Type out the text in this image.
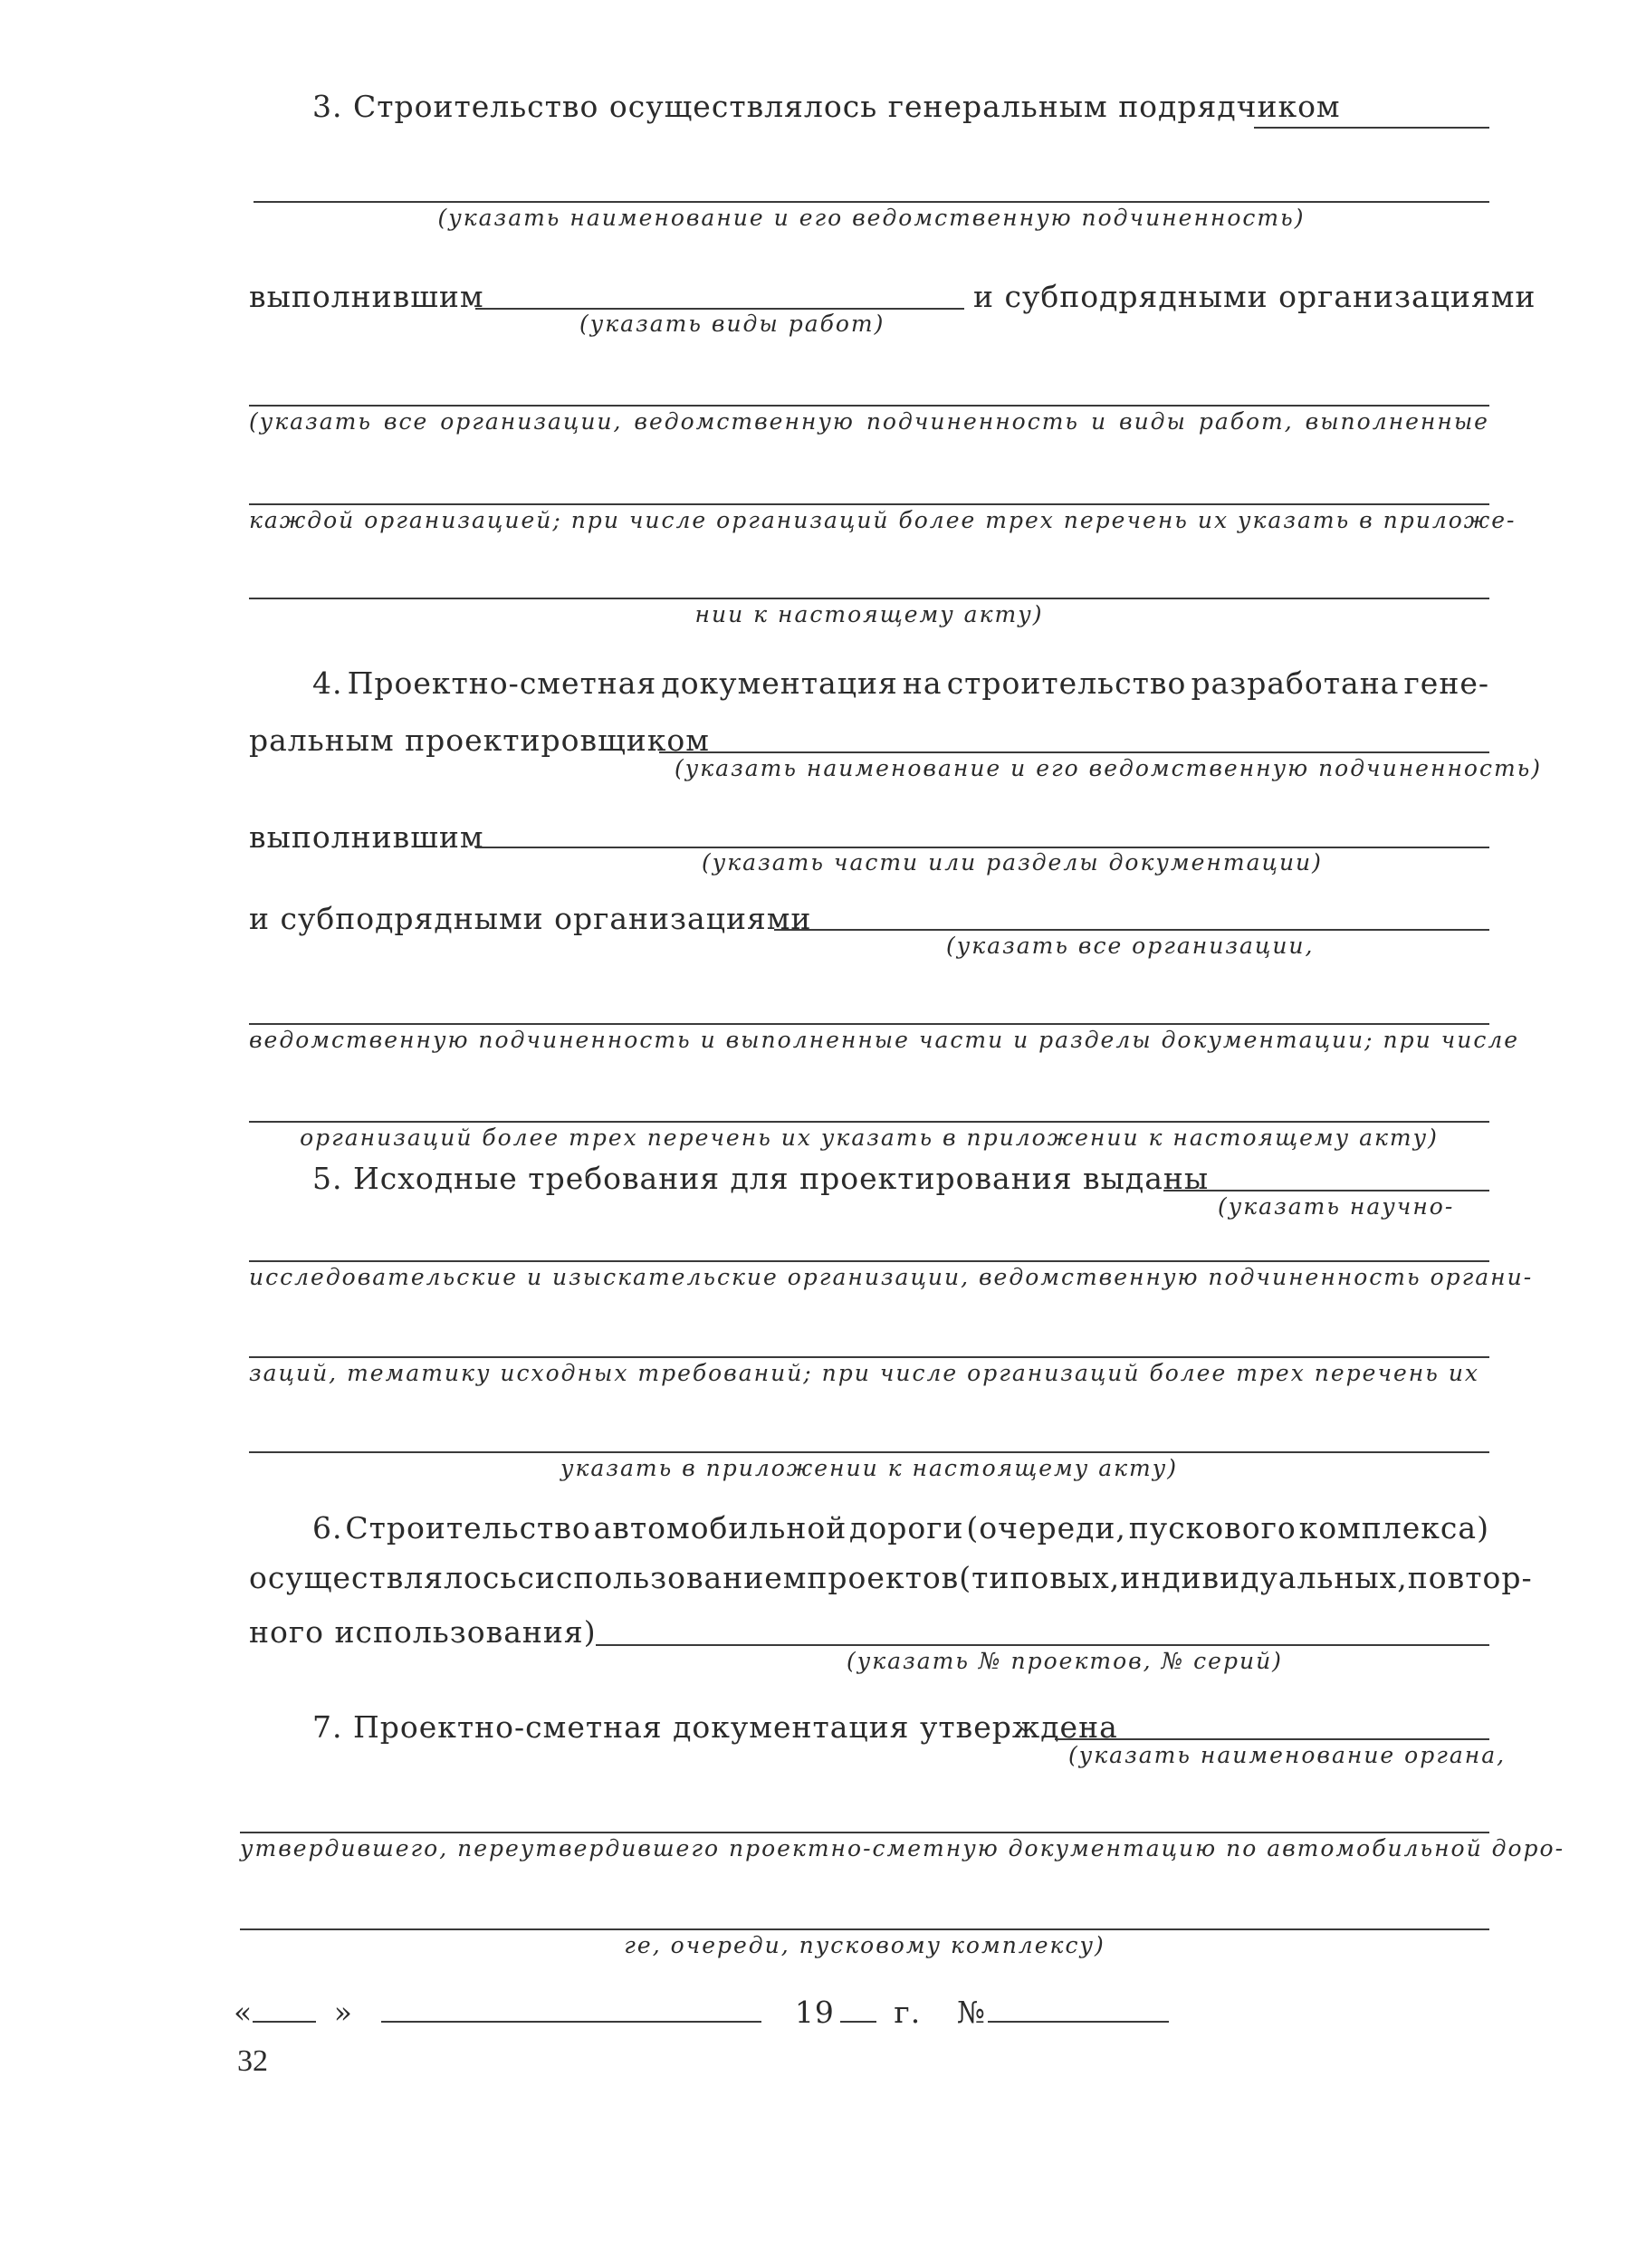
3. Строительство осуществлялось генеральным подрядчиком
(указать наименование и его ведомственную подчиненность)
выполнившим
(указать виды работ)
и субподрядными организациями
(указать все организации, ведомственную подчиненность и виды работ, выполненные
каждой организацией; при числе организаций более трех перечень их указать в приложе-
нии к настоящему акту)
4. Проектно-сметная документация на строительство разработана гене-
ральным проектировщиком
(указать наименование и его ведомственную подчиненность)
выполнившим
(указать части или разделы документации)
и субподрядными организациями
(указать все организации,
ведомственную подчиненность и выполненные части и разделы документации; при числе
организаций более трех перечень их указать в приложении к настоящему акту)
5. Исходные требования для проектирования выданы
(указать научно-
исследовательские и изыскательские организации, ведомственную подчиненность органи-
заций, тематику исходных требований; при числе организаций более трех перечень их
указать в приложении к настоящему акту)
6. Строительство автомобильной дороги (очереди, пускового комплекса)
осуществлялось с использованием проектов (типовых, индивидуальных, повтор-
ного использования)
(указать № проектов, № серий)
7. Проектно-сметная документация утверждена
(указать наименование органа,
утвердившего, переутвердившего проектно-сметную документацию по автомобильной доро-
ге, очереди, пусковому комплексу)
«	»	19 г. №
32
